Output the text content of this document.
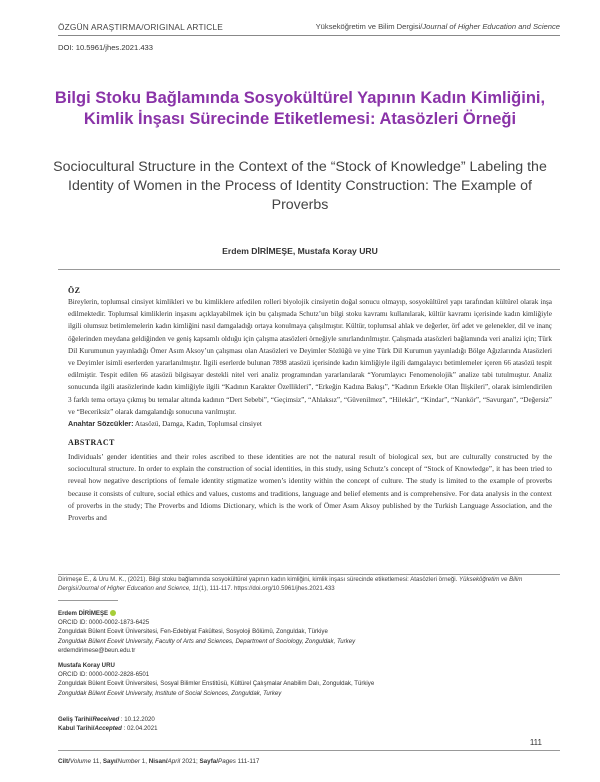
ÖZGÜN ARAŞTIRMA/ORIGINAL ARTICLE	Yükseköğretim ve Bilim Dergisi/Journal of Higher Education and Science
DOI: 10.5961/jhes.2021.433
Bilgi Stoku Bağlamında Sosyokültürel Yapının Kadın Kimliğini, Kimlik İnşası Sürecinde Etiketlemesi: Atasözleri Örneği
Sociocultural Structure in the Context of the “Stock of Knowledge” Labeling the Identity of Women in the Process of Identity Construction: The Example of Proverbs
Erdem DİRİMEŞE, Mustafa Koray URU
ÖZ
Bireylerin, toplumsal cinsiyet kimlikleri ve bu kimliklere atfedilen rolleri biyolojik cinsiyetin doğal sonucu olmayıp, sosyokültürel yapı tarafından kültürel olarak inşa edilmektedir. Toplumsal kimliklerin inşasını açıklayabilmek için bu çalışmada Schutz’un bilgi stoku kavramı kullanılarak, kültür kavramı içerisinde kadın kimliğiyle ilgili olumsuz betimlemelerin kadın kimliğini nasıl damgaladığı ortaya konulmaya çalışılmıştır. Kültür, toplumsal ahlak ve değerler, örf adet ve gelenekler, dil ve inanç öğelerinden meydana geldiğinden ve geniş kapsamlı olduğu için çalışma atasözleri örneğiyle sınırlandırılmıştır. Çalışmada atasözleri bağlamında veri analizi için; Türk Dil Kurumunun yayınladığı Ömer Asım Aksoy’un çalışması olan Atasözleri ve Deyimler Sözlüğü ve yine Türk Dil Kurumun yayınladığı Bölge Ağızlarında Atasözleri ve Deyimler isimli eserlerden yararlanılmıştır. İlgili eserlerde bulunan 7898 atasözü içerisinde kadın kimliğiyle ilgili damgalayıcı betimlemeler içeren 66 atasözü tespit edilmiştir. Tespit edilen 66 atasözü bilgisayar destekli nitel veri analiz programından yararlanılarak “Yorumlayıcı Fenomenolojik” analize tabi tutulmuştur. Analiz sonucunda ilgili atasözlerinde kadın kimliğiyle ilgili “Kadının Karakter Özellikleri”, “Erkeğin Kadına Bakışı”, “Kadının Erkekle Olan İlişkileri”, olarak isimlendirilen 3 farklı tema ortaya çıkmış bu temalar altında kadının “Dert Sebebi”, “Geçimsiz”, “Ahlaksız”, “Güvenilmez”, “Hilekâr”, “Kindar”, “Nankör”, “Savurgan”, “Değersiz” ve “Beceriksiz” olarak damgalandığı sonucuna varılmıştır.
Anahtar Sözcükler: Atasözü, Damga, Kadın, Toplumsal cinsiyet
ABSTRACT
Individuals’ gender identities and their roles ascribed to these identities are not the natural result of biological sex, but are culturally constructed by the sociocultural structure. In order to explain the construction of social identities, in this study, using Schutz’s concept of “Stock of Knowledge”, it has been tried to reveal how negative descriptions of female identity stigmatize women’s identity within the concept of culture. The study is limited to the example of proverbs because it consists of culture, social ethics and values, customs and traditions, language and belief elements and is comprehensive. For data analysis in the context of proverbs in the study; The Proverbs and Idioms Dictionary, which is the work of Ömer Asım Aksoy published by the Turkish Language Association, and the Proverbs and
Dirimeşe E., & Uru M. K., (2021). Bilgi stoku bağlamında sosyokültürel yapının kadın kimliğini, kimlik inşası sürecinde etiketlemesi: Atasözleri örneği. Yükseköğretim ve Bilim Dergisi/Journal of Higher Education and Science, 11(1), 111-117. https://doi.org/10.5961/jhes.2021.433
Erdem DİRİMEŞE
ORCID ID: 0000-0002-1873-6425
Zonguldak Bülent Ecevit Üniversitesi, Fen-Edebiyat Fakültesi, Sosyoloji Bölümü, Zonguldak, Türkiye
Zonguldak Bülent Ecevit University, Faculty of Arts and Sciences, Department of Sociology, Zonguldak, Turkey
erdemdirimese@beun.edu.tr
Mustafa Koray URU
ORCID ID: 0000-0002-2828-6501
Zonguldak Bülent Ecevit Üniversitesi, Sosyal Bilimler Enstitüsü, Kültürel Çalışmalar Anabilim Dalı, Zonguldak, Türkiye
Zonguldak Bülent Ecevit University, Institute of Social Sciences, Zonguldak, Turkey
Geliş Tarihi/Received : 10.12.2020
Kabul Tarihi/Accepted : 02.04.2021
111
Cilt/Volume 11, Sayı/Number 1, Nisan/April 2021; Sayfa/Pages 111-117
